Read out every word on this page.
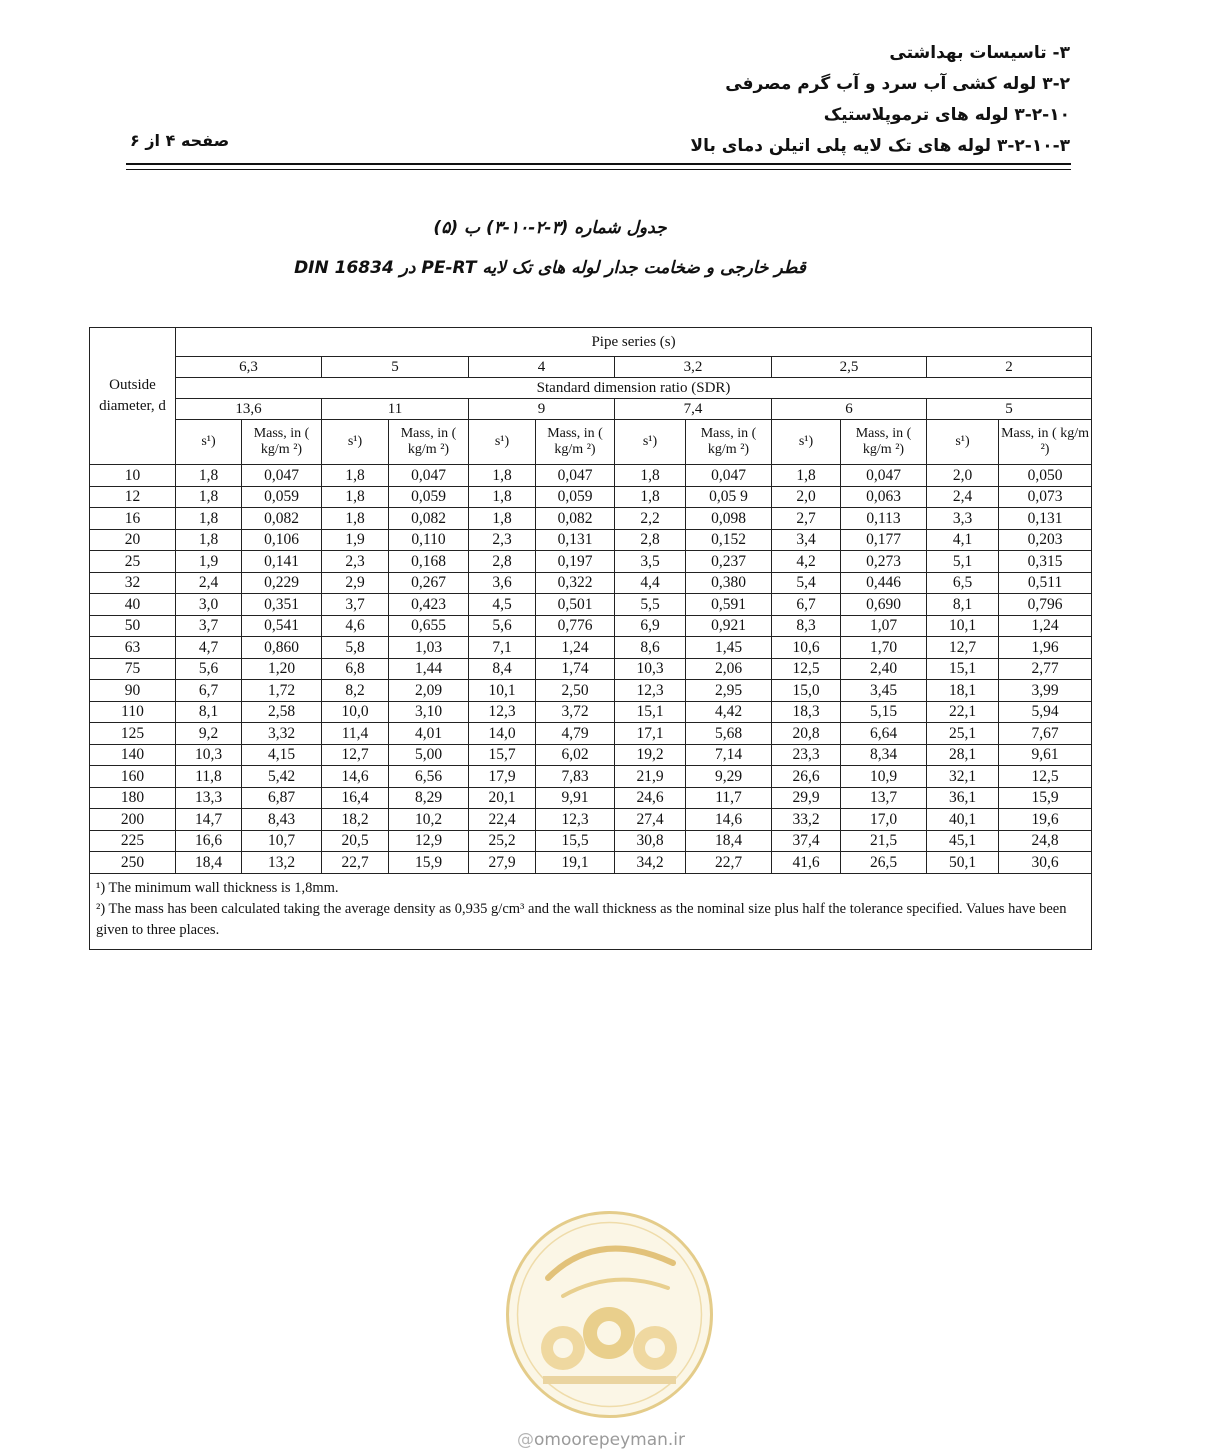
۳- تاسیسات بهداشتی
۳-۲ لوله کشی آب سرد و آب گرم مصرفی
۳-۲-۱۰ لوله های ترموپلاستیک
۳-۲-۱۰-۳ لوله های تک لایه پلی اتیلن دمای بالا
صفحه ۴ از ۶
جدول شماره (۳-۲-۱۰-۳) ب (۵)
قطر خارجی و ضخامت جدار لوله های تک لایه PE-RT در DIN 16834
Outside diameter, d	Pipe series (s)											
	6,3		5		4		3,2		2,5		2	
	Standard dimension ratio (SDR)											
	13,6		11		9		7,4		6		5	
	s¹)	Mass, in ( kg/m ²)	s¹)	Mass, in ( kg/m ²)	s¹)	Mass, in ( kg/m ²)	s¹)	Mass, in ( kg/m ²)	s¹)	Mass, in ( kg/m ²)	s¹)	Mass, in ( kg/m ²)
10	1,8	0,047	1,8	0,047	1,8	0,047	1,8	0,047	1,8	0,047	2,0	0,050
12	1,8	0,059	1,8	0,059	1,8	0,059	1,8	0,05 9	2,0	0,063	2,4	0,073
16	1,8	0,082	1,8	0,082	1,8	0,082	2,2	0,098	2,7	0,113	3,3	0,131
20	1,8	0,106	1,9	0,110	2,3	0,131	2,8	0,152	3,4	0,177	4,1	0,203
25	1,9	0,141	2,3	0,168	2,8	0,197	3,5	0,237	4,2	0,273	5,1	0,315
32	2,4	0,229	2,9	0,267	3,6	0,322	4,4	0,380	5,4	0,446	6,5	0,511
40	3,0	0,351	3,7	0,423	4,5	0,501	5,5	0,591	6,7	0,690	8,1	0,796
50	3,7	0,541	4,6	0,655	5,6	0,776	6,9	0,921	8,3	1,07	10,1	1,24
63	4,7	0,860	5,8	1,03	7,1	1,24	8,6	1,45	10,6	1,70	12,7	1,96
75	5,6	1,20	6,8	1,44	8,4	1,74	10,3	2,06	12,5	2,40	15,1	2,77
90	6,7	1,72	8,2	2,09	10,1	2,50	12,3	2,95	15,0	3,45	18,1	3,99
110	8,1	2,58	10,0	3,10	12,3	3,72	15,1	4,42	18,3	5,15	22,1	5,94
125	9,2	3,32	11,4	4,01	14,0	4,79	17,1	5,68	20,8	6,64	25,1	7,67
140	10,3	4,15	12,7	5,00	15,7	6,02	19,2	7,14	23,3	8,34	28,1	9,61
160	11,8	5,42	14,6	6,56	17,9	7,83	21,9	9,29	26,6	10,9	32,1	12,5
180	13,3	6,87	16,4	8,29	20,1	9,91	24,6	11,7	29,9	13,7	36,1	15,9
200	14,7	8,43	18,2	10,2	22,4	12,3	27,4	14,6	33,2	17,0	40,1	19,6
225	16,6	10,7	20,5	12,9	25,2	15,5	30,8	18,4	37,4	21,5	45,1	24,8
250	18,4	13,2	22,7	15,9	27,9	19,1	34,2	22,7	41,6	26,5	50,1	30,6

¹) The minimum wall thickness is 1,8mm.
²) The mass has been calculated taking the average density as 0,935 g/cm³ and the wall thickness as the nominal size plus half the tolerance specified. Values have been given to three places.												
@omoorepeyman.ir
